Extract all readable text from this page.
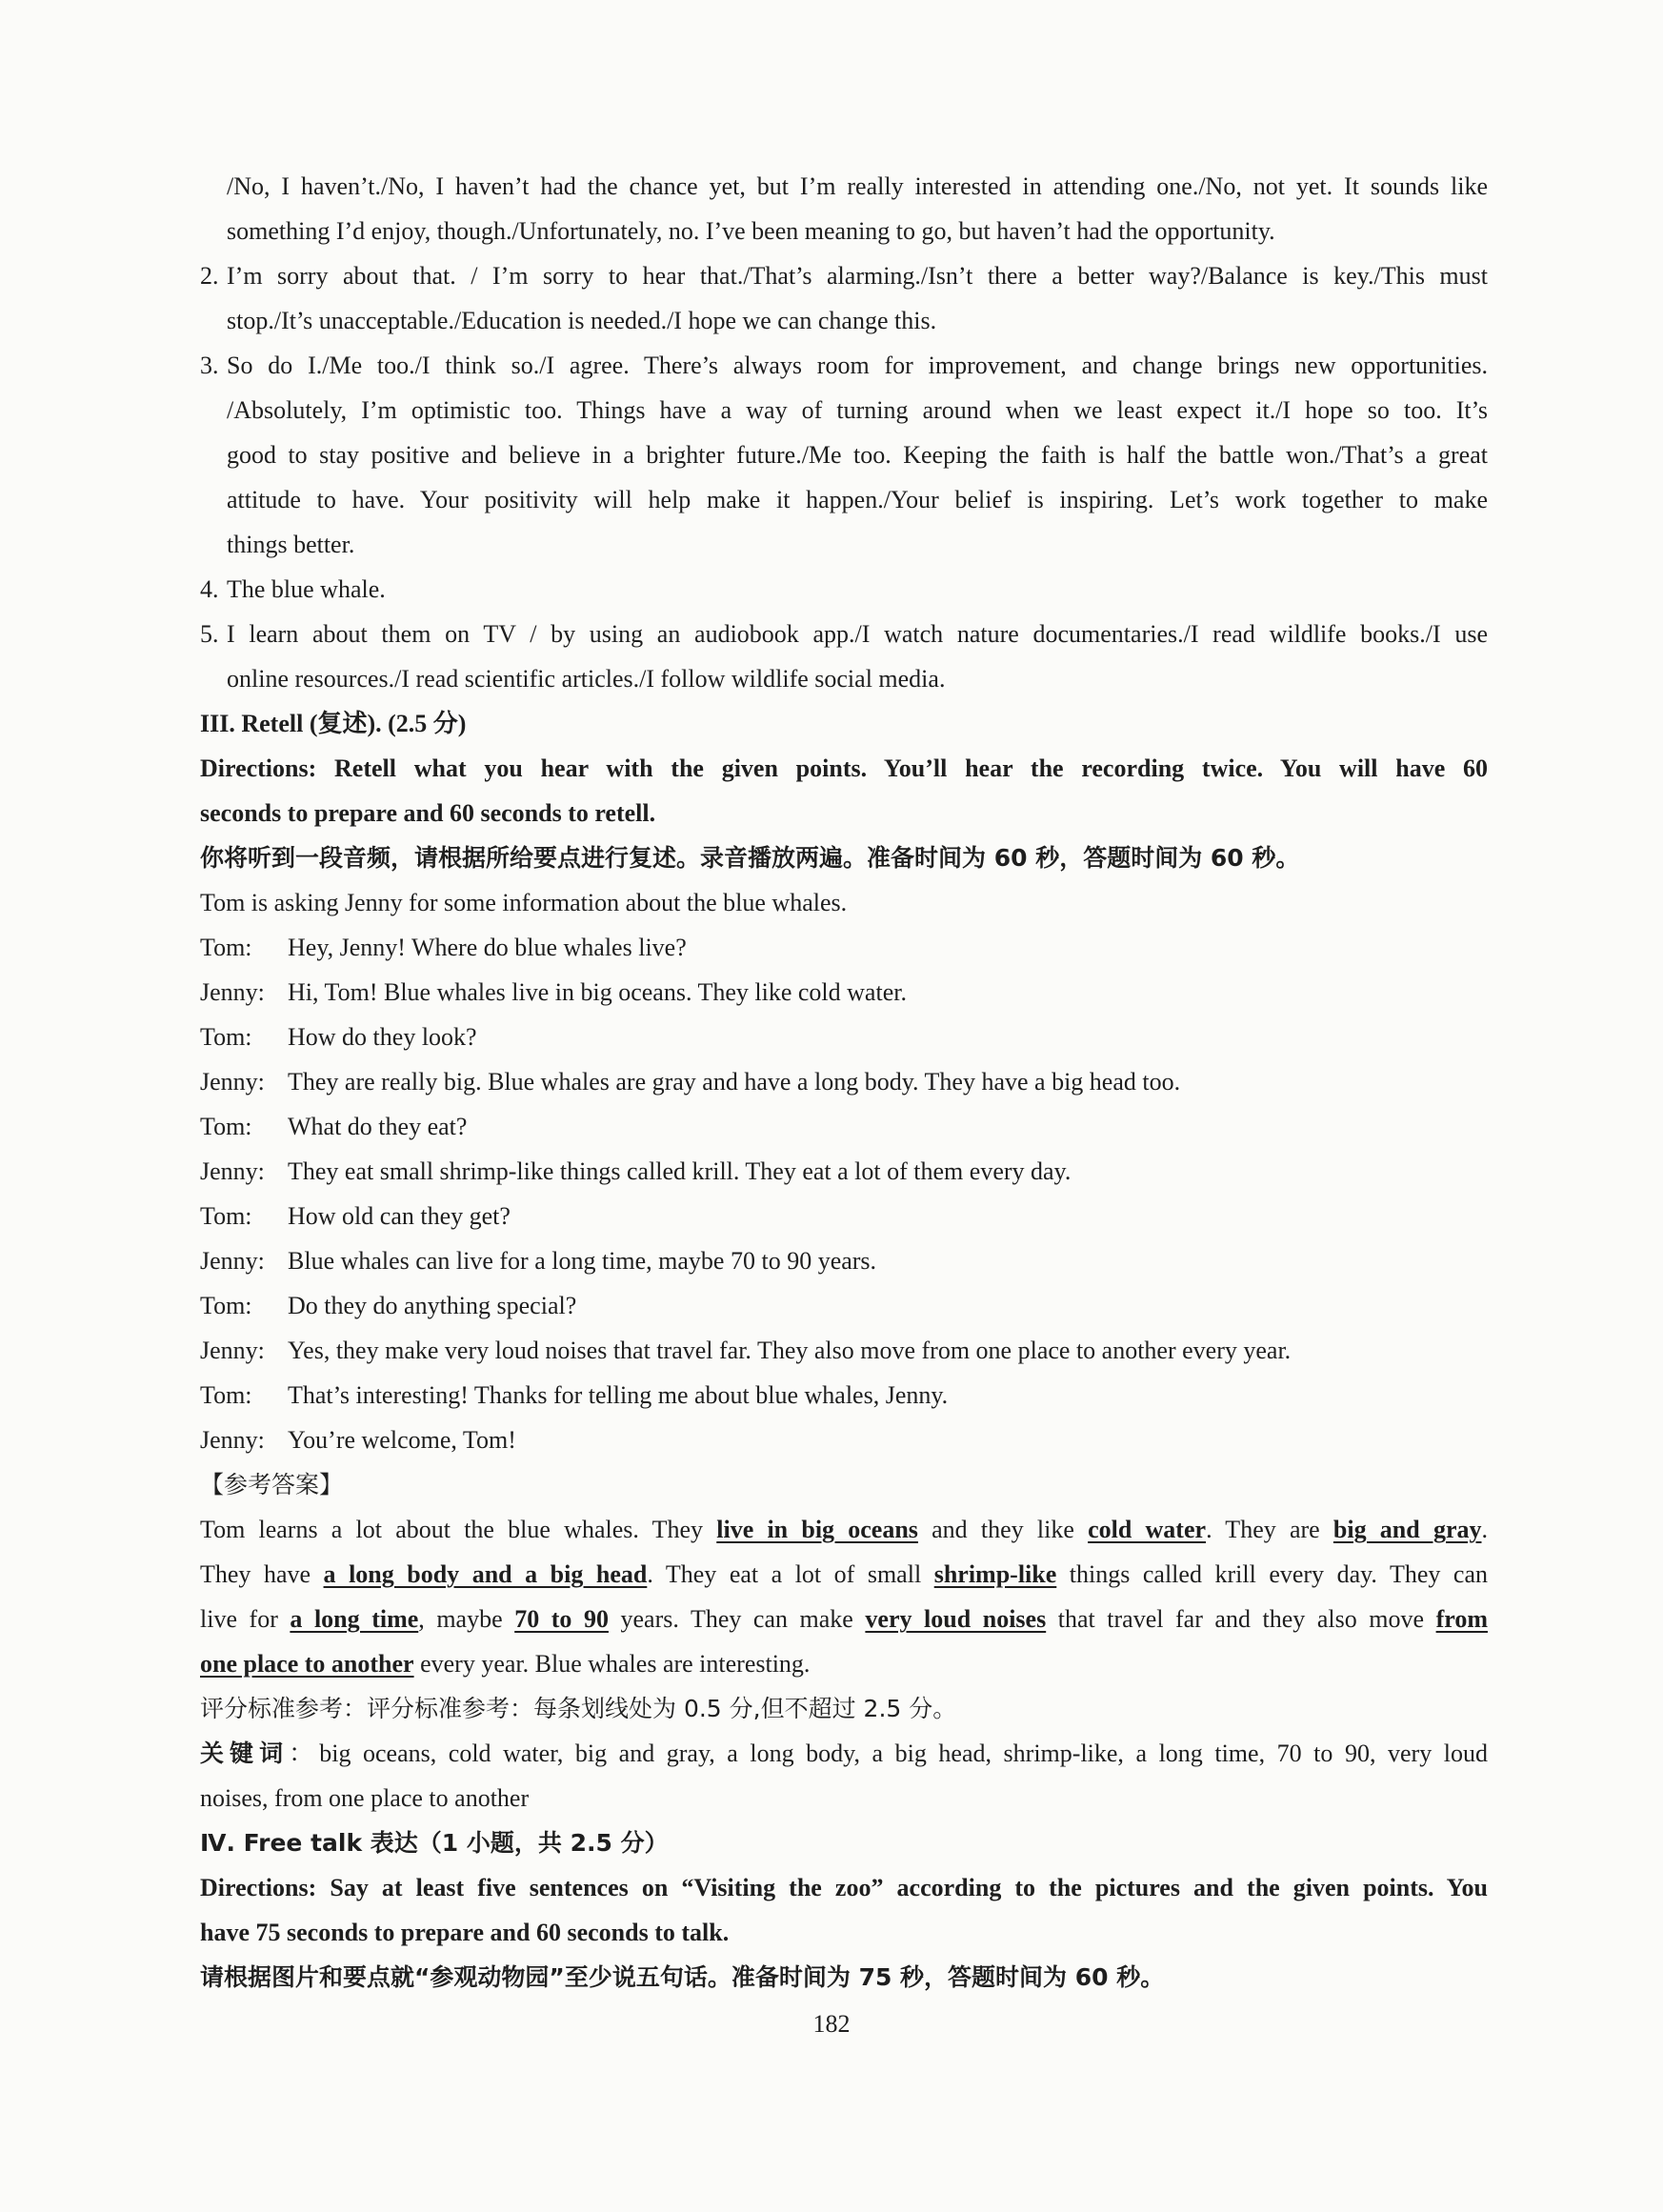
/No, I haven’t./No, I haven’t had the chance yet, but I’m really interested in attending one./No, not yet. It sounds like
something I’d enjoy, though./Unfortunately, no. I’ve been meaning to go, but haven’t had the opportunity.
2. I’m sorry about that. / I’m sorry to hear that./That’s alarming./Isn’t there a better way?/Balance is key./This must
stop./It’s unacceptable./Education is needed./I hope we can change this.
3. So do I./Me too./I think so./I agree. There’s always room for improvement, and change brings new opportunities.
/Absolutely, I’m optimistic too. Things have a way of turning around when we least expect it./I hope so too. It’s
good to stay positive and believe in a brighter future./Me too. Keeping the faith is half the battle won./That’s a great
attitude to have. Your positivity will help make it happen./Your belief is inspiring. Let’s work together to make
things better.
4. The blue whale.
5. I learn about them on TV / by using an audiobook app./I watch nature documentaries./I read wildlife books./I use
online resources./I read scientific articles./I follow wildlife social media.
III. Retell (复述). (2.5 分)
Directions: Retell what you hear with the given points. You’ll hear the recording twice. You will have 60
seconds to prepare and 60 seconds to retell.
你将听到一段音频，请根据所给要点进行复述。录音播放两遍。准备时间为 60 秒，答题时间为 60 秒。
Tom is asking Jenny for some information about the blue whales.
Tom:	Hey, Jenny! Where do blue whales live?
Jenny: Hi, Tom! Blue whales live in big oceans. They like cold water.
Tom:	How do they look?
Jenny: They are really big. Blue whales are gray and have a long body. They have a big head too.
Tom:	What do they eat?
Jenny: They eat small shrimp-like things called krill. They eat a lot of them every day.
Tom:	How old can they get?
Jenny: Blue whales can live for a long time, maybe 70 to 90 years.
Tom:	Do they do anything special?
Jenny: Yes, they make very loud noises that travel far. They also move from one place to another every year.
Tom:	That’s interesting! Thanks for telling me about blue whales, Jenny.
Jenny: You’re welcome, Tom!
【参考答案】
Tom learns a lot about the blue whales. They live in big oceans and they like cold water. They are big and gray.
They have a long body and a big head. They eat a lot of small shrimp-like things called krill every day. They can
live for a long time, maybe 70 to 90 years. They can make very loud noises that travel far and they also move from
one place to another every year. Blue whales are interesting.
评分标准参考：评分标准参考：每条划线处为 0.5 分,但不超过 2.5 分。
关键词：big oceans, cold water, big and gray, a long body, a big head, shrimp-like, a long time, 70 to 90, very loud
noises, from one place to another
Ⅳ. Free talk 表达（1 小题，共 2.5 分）
Directions: Say at least five sentences on “Visiting the zoo” according to the pictures and the given points. You
have 75 seconds to prepare and 60 seconds to talk.
请根据图片和要点就“参观动物园”至少说五句话。准备时间为 75 秒，答题时间为 60 秒。
182
